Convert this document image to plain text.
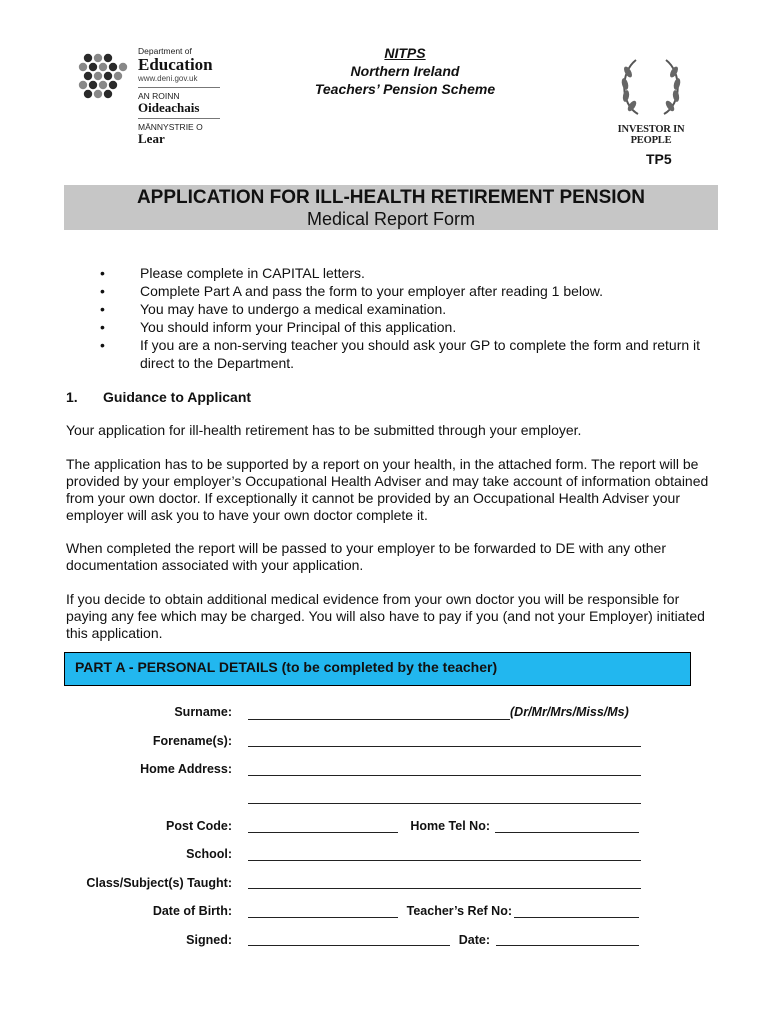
Department of
Education
www.deni.gov.uk
AN ROINN
Oideachais
MÄNNYSTRIE O
Lear
NITPS
Northern Ireland
Teachers’ Pension Scheme
INVESTOR IN PEOPLE
TP5
APPLICATION FOR ILL-HEALTH RETIREMENT PENSION
Medical Report Form
•	Please complete in CAPITAL letters.
•	Complete Part A and pass the form to your employer after reading 1 below.
•	You may have to undergo a medical examination.
•	You should inform your Principal of this application.
•	If you are a non-serving teacher you should ask your GP to complete the form and return it direct to the Department.
1. Guidance to Applicant
Your application for ill-health retirement has to be submitted through your employer.
The application has to be supported by a report on your health, in the attached form. The report will be provided by your employer’s Occupational Health Adviser and may take account of information obtained from your own doctor. If exceptionally it cannot be provided by an Occupational Health Adviser your employer will ask you to have your own doctor complete it.
When completed the report will be passed to your employer to be forwarded to DE with any other documentation associated with your application.
If you decide to obtain additional medical evidence from your own doctor you will be responsible for paying any fee which may be charged. You will also have to pay if you (and not your Employer) initiated this application.
PART A - PERSONAL DETAILS (to be completed by the teacher)
Surname:	(Dr/Mr/Mrs/Miss/Ms)
Forename(s):
Home Address:
Post Code:	Home Tel No:
School:
Class/Subject(s) Taught:
Date of Birth:	Teacher’s Ref No:
Signed:	Date:
